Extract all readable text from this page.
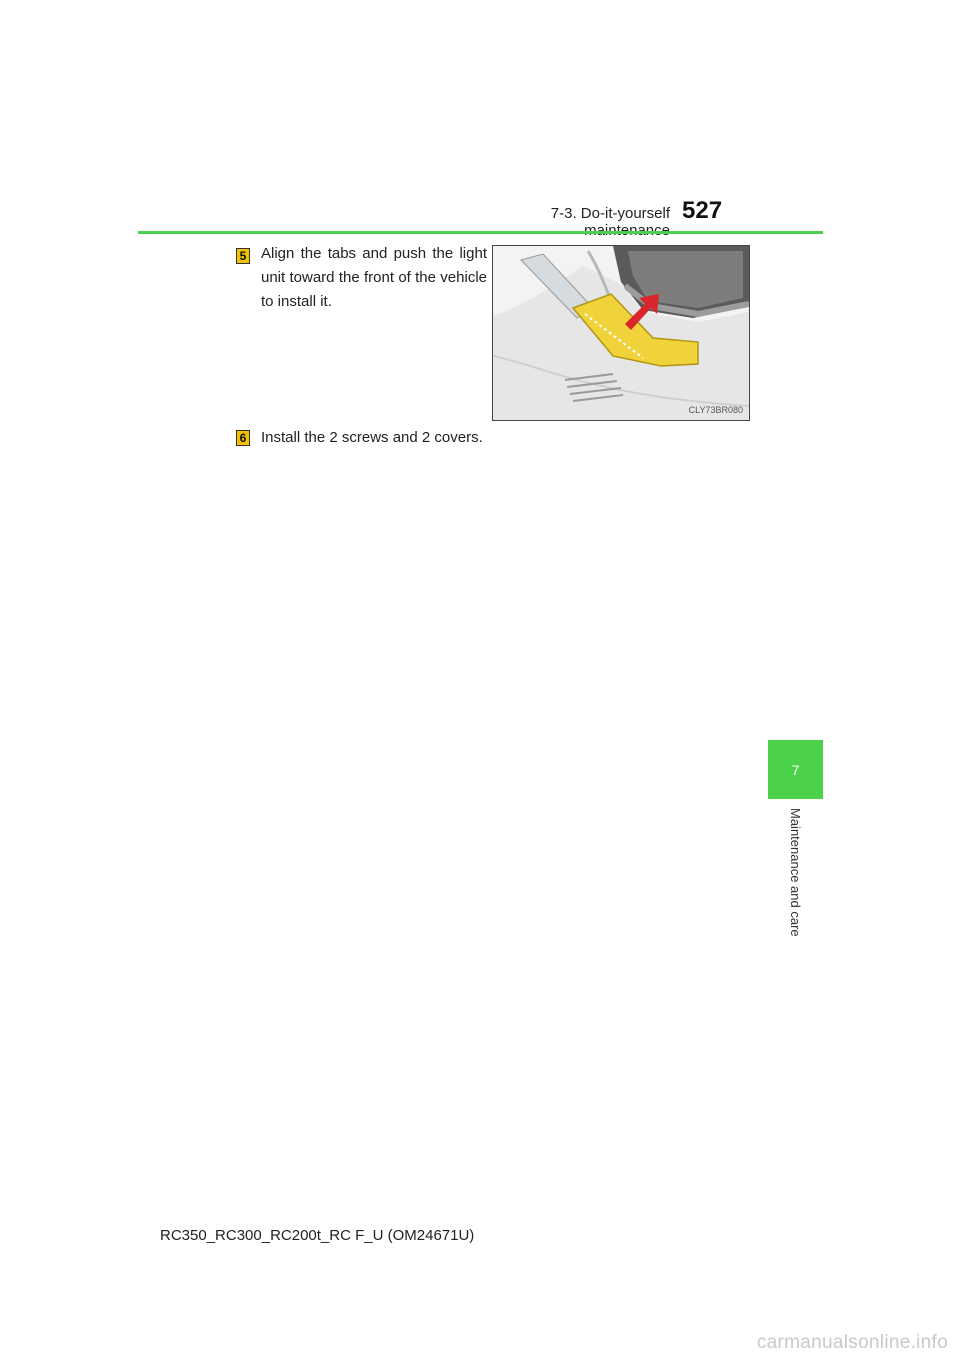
7-3. Do-it-yourself 527
5 Align the tabs and push the light unit toward the front of the vehicle to install it.
CLY73BR080
6 Install the 2 screws and 2 covers.
7
Maintenance and care
RC350_RC300_RC200t_RC F_U (OM24671U)
carmanualsonline.info
